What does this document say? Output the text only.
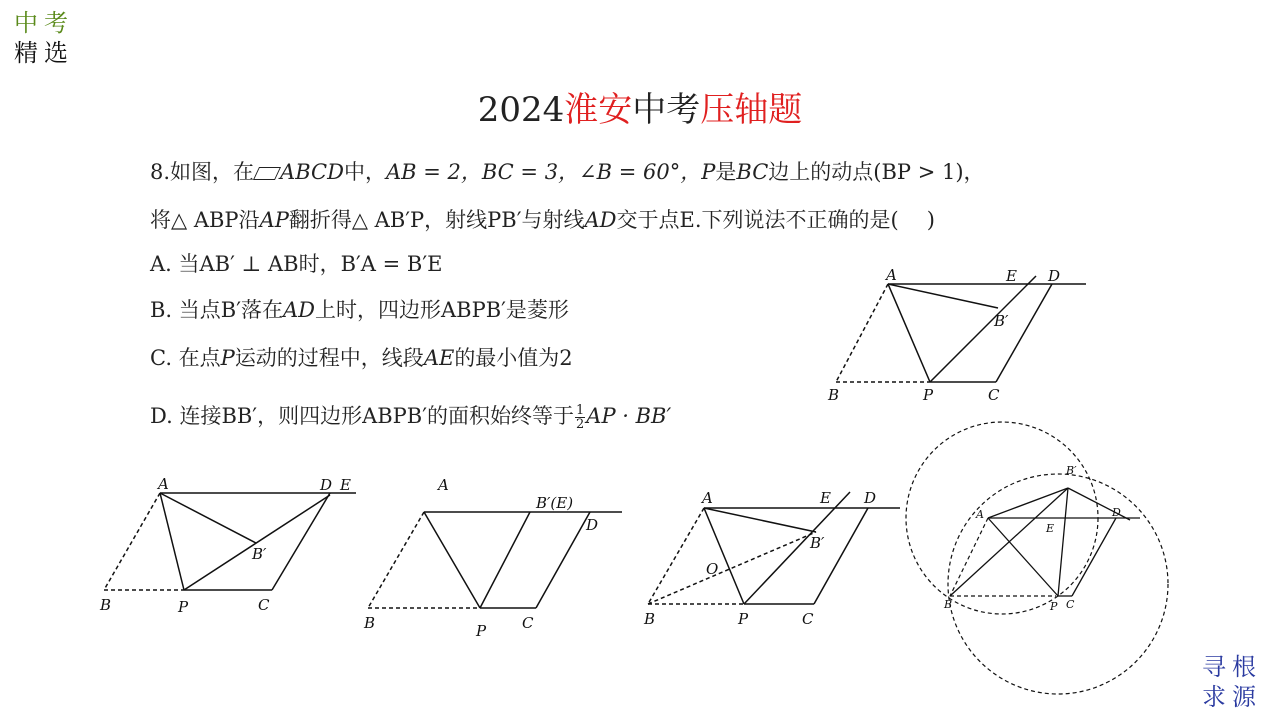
中考
精选
2024淮安中考压轴题
8.如图，在 ABCD中，AB = 2，BC = 3，∠B = 60°，P是BC边上的动点(BP > 1)，
将△ ABP沿AP翻折得△ AB′P，射线PB′与射线AD交于点E.下列说法不正确的是( )
A. 当AB′ ⊥ AB时，B′A = B′E
B. 当点B′落在AD上时，四边形ABPB′是菱形
C. 在点P运动的过程中，线段AE的最小值为2
D. 连接BB′，则四边形ABPB′的面积始终等于 $\frac{1}{2}$ AP · BB′
A	E D
B′
B	P	C
A	D E
B′
B	P	C
A
B′(E)
D
B	P C
A	E D
B′
O
B	P	C
B′
A
E
D
B	P C
寻根
求源
